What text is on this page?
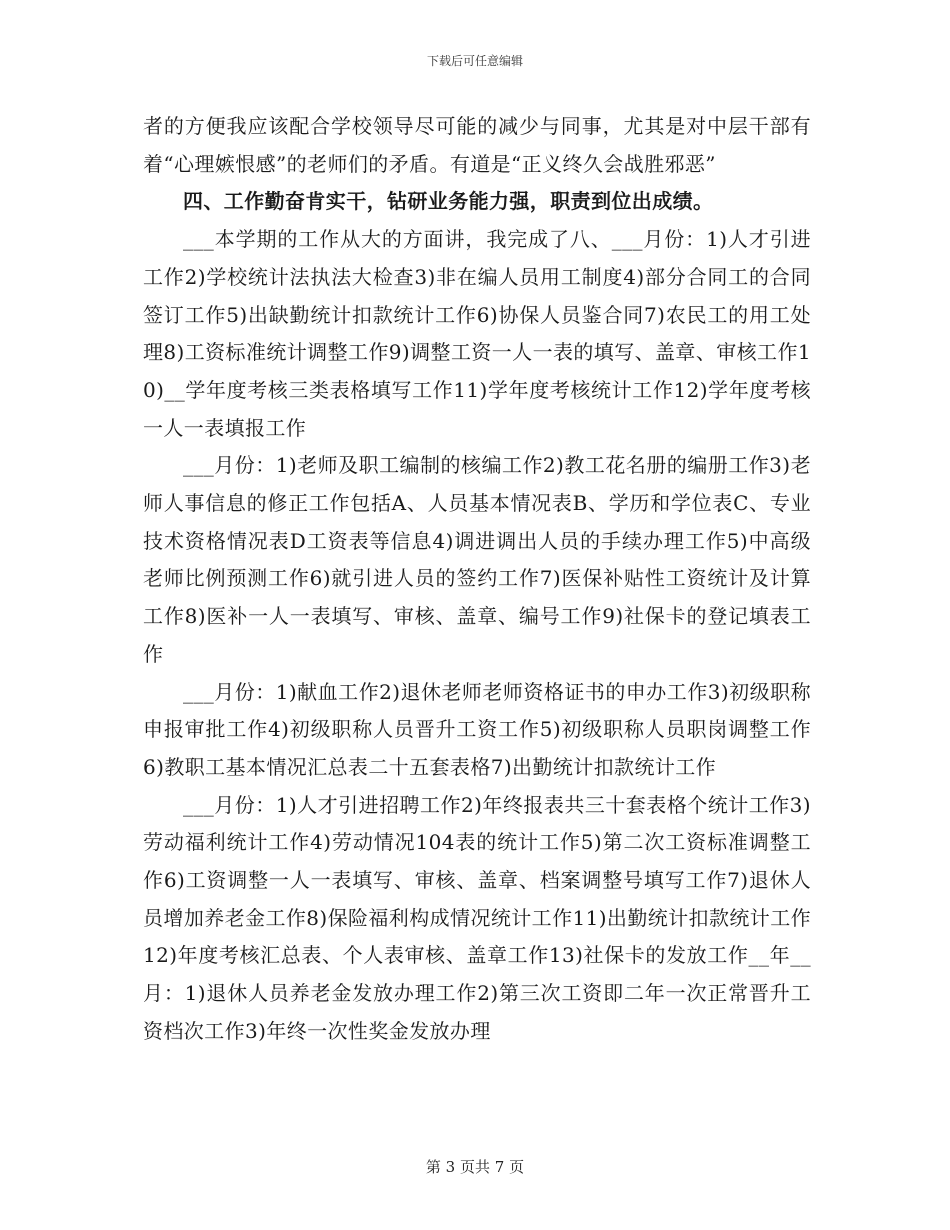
下载后可任意编辑

者的方便我应该配合学校领导尽可能的减少与同事，尤其是对中层干部有着“心理嫉恨感”的老师们的矛盾。有道是“正义终久会战胜邪恶”

四、工作勤奋肯实干，钻研业务能力强，职责到位出成绩。

___本学期的工作从大的方面讲，我完成了八、___月份：1)人才引进工作2)学校统计法执法大检查3)非在编人员用工制度4)部分合同工的合同签订工作5)出缺勤统计扣款统计工作6)协保人员鉴合同7)农民工的用工处理8)工资标准统计调整工作9)调整工资一人一表的填写、盖章、审核工作10)__学年度考核三类表格填写工作11)学年度考核统计工作12)学年度考核一人一表填报工作

___月份：1)老师及职工编制的核编工作2)教工花名册的编册工作3)老师人事信息的修正工作包括A、人员基本情况表B、学历和学位表C、专业技术资格情况表D工资表等信息4)调进调出人员的手续办理工作5)中高级老师比例预测工作6)就引进人员的签约工作7)医保补贴性工资统计及计算工作8)医补一人一表填写、审核、盖章、编号工作9)社保卡的登记填表工作

___月份：1)献血工作2)退休老师老师资格证书的申办工作3)初级职称申报审批工作4)初级职称人员晋升工资工作5)初级职称人员职岗调整工作6)教职工基本情况汇总表二十五套表格7)出勤统计扣款统计工作

___月份：1)人才引进招聘工作2)年终报表共三十套表格个统计工作3)劳动福利统计工作4)劳动情况104表的统计工作5)第二次工资标准调整工作6)工资调整一人一表填写、审核、盖章、档案调整号填写工作7)退休人员增加养老金工作8)保险福利构成情况统计工作11)出勤统计扣款统计工作12)年度考核汇总表、个人表审核、盖章工作13)社保卡的发放工作__年__月：1)退休人员养老金发放办理工作2)第三次工资即二年一次正常晋升工资档次工作3)年终一次性奖金发放办理

第 3 页共 7 页
